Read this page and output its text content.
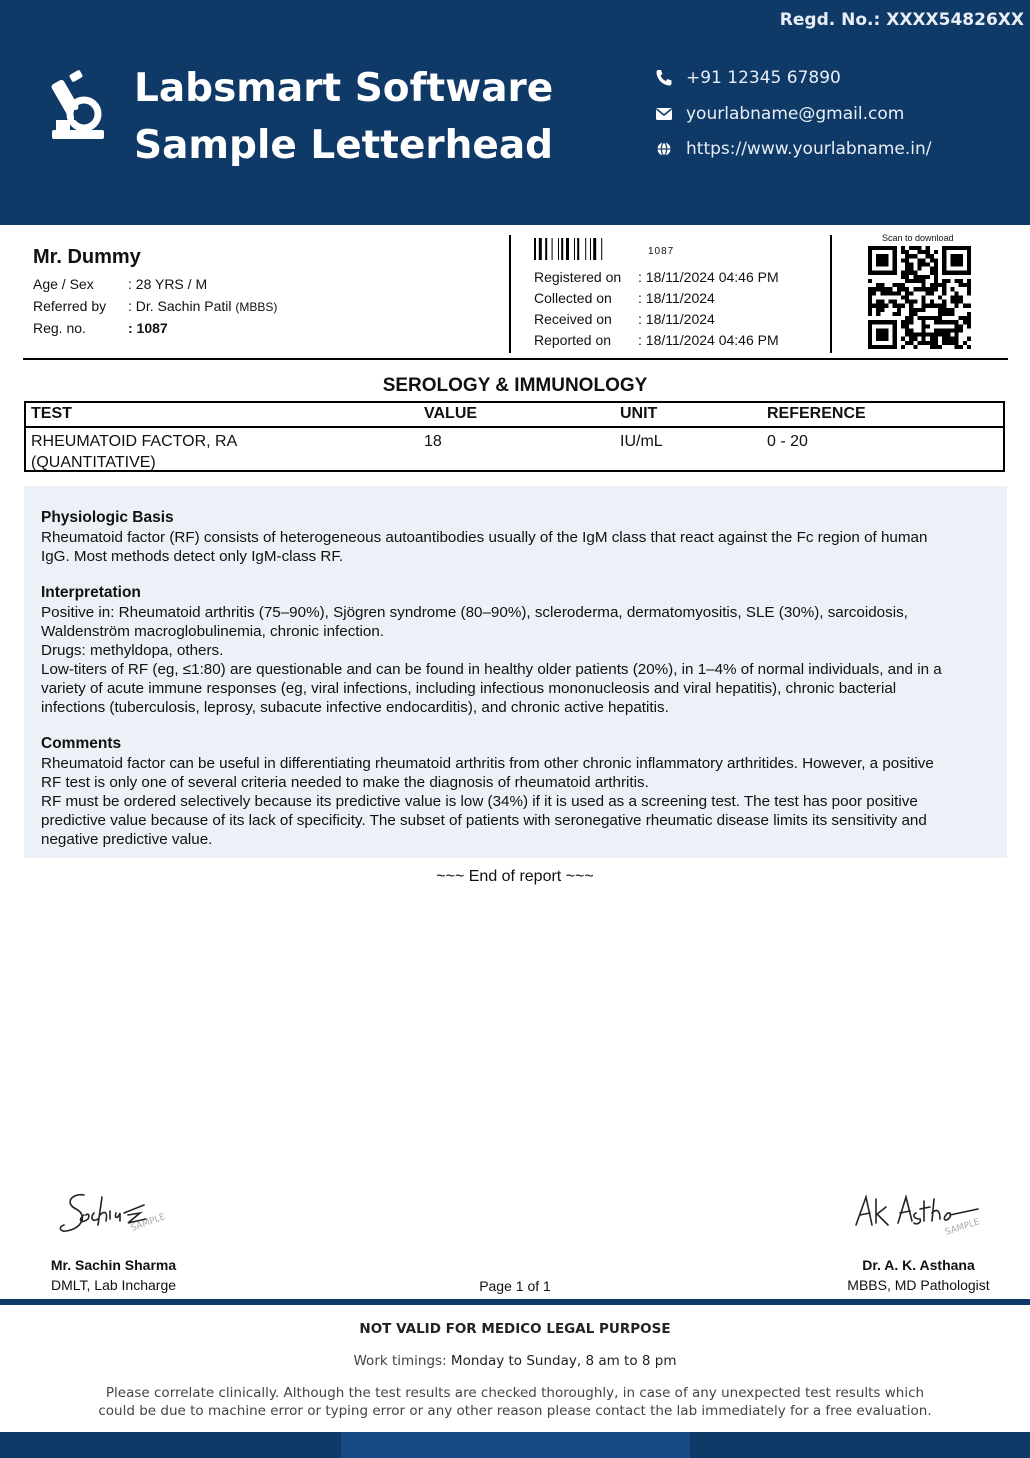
Regd. No.: XXXX54826XX
Labsmart Software
Sample Letterhead
+91 12345 67890
yourlabname@gmail.com
https://www.yourlabname.in/
Mr. Dummy
Age / Sex : 28 YRS / M
Referred by : Dr. Sachin Patil (MBBS)
Reg. no.	: 1087
1087
Registered on : 18/11/2024 04:46 PM
Collected on : 18/11/2024
Received on : 18/11/2024
Reported on : 18/11/2024 04:46 PM
Scan to download
SEROLOGY & IMMUNOLOGY
TEST	VALUE	UNIT	REFERENCE
RHEUMATOID FACTOR, RA
(QUANTITATIVE)
18	IU/mL	0 - 20
Physiologic Basis
Rheumatoid factor (RF) consists of heterogeneous autoantibodies usually of the IgM class that react against the Fc region of human
IgG. Most methods detect only IgM-class RF.
Interpretation
Positive in: Rheumatoid arthritis (75–90%), Sjögren syndrome (80–90%), scleroderma, dermatomyositis, SLE (30%), sarcoidosis,
Waldenström macroglobulinemia, chronic infection.
Drugs: methyldopa, others.
Low-titers of RF (eg, ≤1:80) are questionable and can be found in healthy older patients (20%), in 1–4% of normal individuals, and in a
variety of acute immune responses (eg, viral infections, including infectious mononucleosis and viral hepatitis), chronic bacterial
infections (tuberculosis, leprosy, subacute infective endocarditis), and chronic active hepatitis.
Comments
Rheumatoid factor can be useful in differentiating rheumatoid arthritis from other chronic inflammatory arthritides. However, a positive
RF test is only one of several criteria needed to make the diagnosis of rheumatoid arthritis.
RF must be ordered selectively because its predictive value is low (34%) if it is used as a screening test. The test has poor positive
predictive value because of its lack of specificity. The subset of patients with seronegative rheumatic disease limits its sensitivity and
negative predictive value.
~~~ End of report ~~~
SAMPLE
Mr. Sachin Sharma
DMLT, Lab Incharge	Page 1 of 1
SAMPLE
Dr. A. K. Asthana
MBBS, MD Pathologist
NOT VALID FOR MEDICO LEGAL PURPOSE
Work timings: Monday to Sunday, 8 am to 8 pm
Please correlate clinically. Although the test results are checked thoroughly, in case of any unexpected test results which
could be due to machine error or typing error or any other reason please contact the lab immediately for a free evaluation.
